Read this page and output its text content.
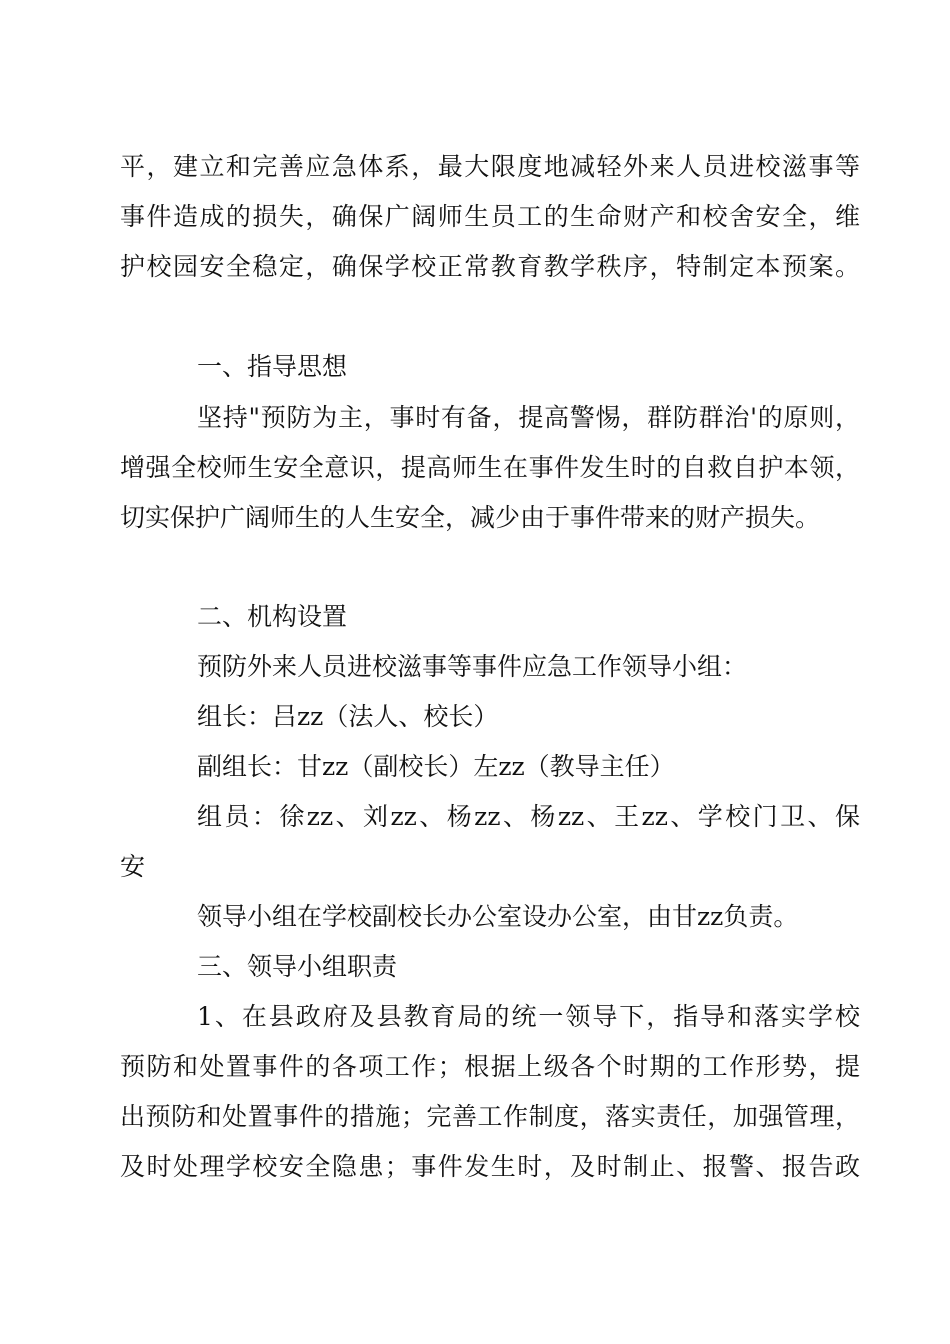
平，建立和完善应急体系，最大限度地减轻外来人员进校滋事等
事件造成的损失，确保广阔师生员工的生命财产和校舍安全，维
护校园安全稳定，确保学校正常教育教学秩序，特制定本预案。
一、指导思想
坚持"预防为主，事时有备，提高警惕，群防群治'的原则，
增强全校师生安全意识，提高师生在事件发生时的自救自护本领，
切实保护广阔师生的人生安全，减少由于事件带来的财产损失。
二、机构设置
预防外来人员进校滋事等事件应急工作领导小组：
组长：吕zz（法人、校长）
副组长：甘zz（副校长）左zz（教导主任）
组员：徐zz、刘zz、杨zz、杨zz、王zz、学校门卫、保
安
领导小组在学校副校长办公室设办公室，由甘zz负责。
三、领导小组职责
1、在县政府及县教育局的统一领导下，指导和落实学校
预防和处置事件的各项工作；根据上级各个时期的工作形势，提
出预防和处置事件的措施；完善工作制度，落实责任，加强管理，
及时处理学校安全隐患；事件发生时，及时制止、报警、报告政
